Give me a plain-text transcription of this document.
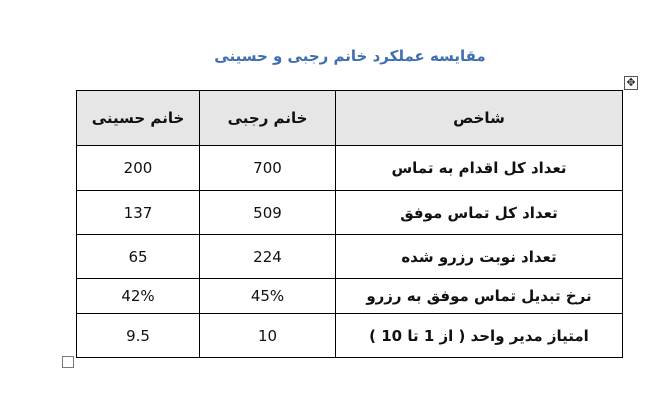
مقایسه عملکرد خانم رجبی و حسینی
✥
خانم حسینی	خانم رجبی	شاخص
200	700	تعداد کل اقدام به تماس
137	509	تعداد کل تماس موفق
65	224	تعداد نوبت رزرو شده
42%	45%	نرخ تبدیل تماس موفق به رزرو
9.5	10	امتیاز مدیر واحد ( از 1 تا 10 )
